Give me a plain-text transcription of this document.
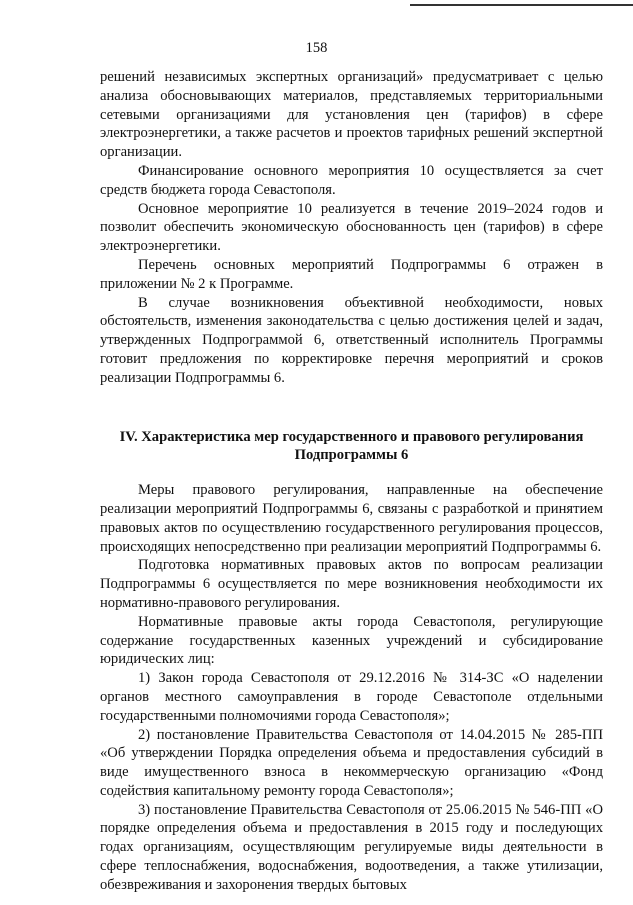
158

решений независимых экспертных организаций» предусматривает с целью анализа обосновывающих материалов, представляемых территориальными сетевыми организациями для установления цен (тарифов) в сфере электроэнергетики, а также расчетов и проектов тарифных решений экспертной организации.

Финансирование основного мероприятия 10 осуществляется за счет средств бюджета города Севастополя.

Основное мероприятие 10 реализуется в течение 2019–2024 годов и позволит обеспечить экономическую обоснованность цен (тарифов) в сфере электроэнергетики.

Перечень основных мероприятий Подпрограммы 6 отражен в приложении № 2 к Программе.

В случае возникновения объективной необходимости, новых обстоятельств, изменения законодательства с целью достижения целей и задач, утвержденных Подпрограммой 6, ответственный исполнитель Программы готовит предложения по корректировке перечня мероприятий и сроков реализации Подпрограммы 6.

IV. Характеристика мер государственного и правового регулирования
Подпрограммы 6

Меры правового регулирования, направленные на обеспечение реализации мероприятий Подпрограммы 6, связаны с разработкой и принятием правовых актов по осуществлению государственного регулирования процессов, происходящих непосредственно при реализации мероприятий Подпрограммы 6.

Подготовка нормативных правовых актов по вопросам реализации Подпрограммы 6 осуществляется по мере возникновения необходимости их нормативно-правового регулирования.

Нормативные правовые акты города Севастополя, регулирующие содержание государственных казенных учреждений и субсидирование юридических лиц:

1) Закон города Севастополя от 29.12.2016 № 314-ЗС «О наделении органов местного самоуправления в городе Севастополе отдельными государственными полномочиями города Севастополя»;

2) постановление Правительства Севастополя от 14.04.2015 № 285-ПП «Об утверждении Порядка определения объема и предоставления субсидий в виде имущественного взноса в некоммерческую организацию «Фонд содействия капитальному ремонту города Севастополя»;

3) постановление Правительства Севастополя от 25.06.2015 № 546-ПП «О порядке определения объема и предоставления в 2015 году и последующих годах организациям, осуществляющим регулируемые виды деятельности в сфере теплоснабжения, водоснабжения, водоотведения, а также утилизации, обезвреживания и захоронения твердых бытовых
